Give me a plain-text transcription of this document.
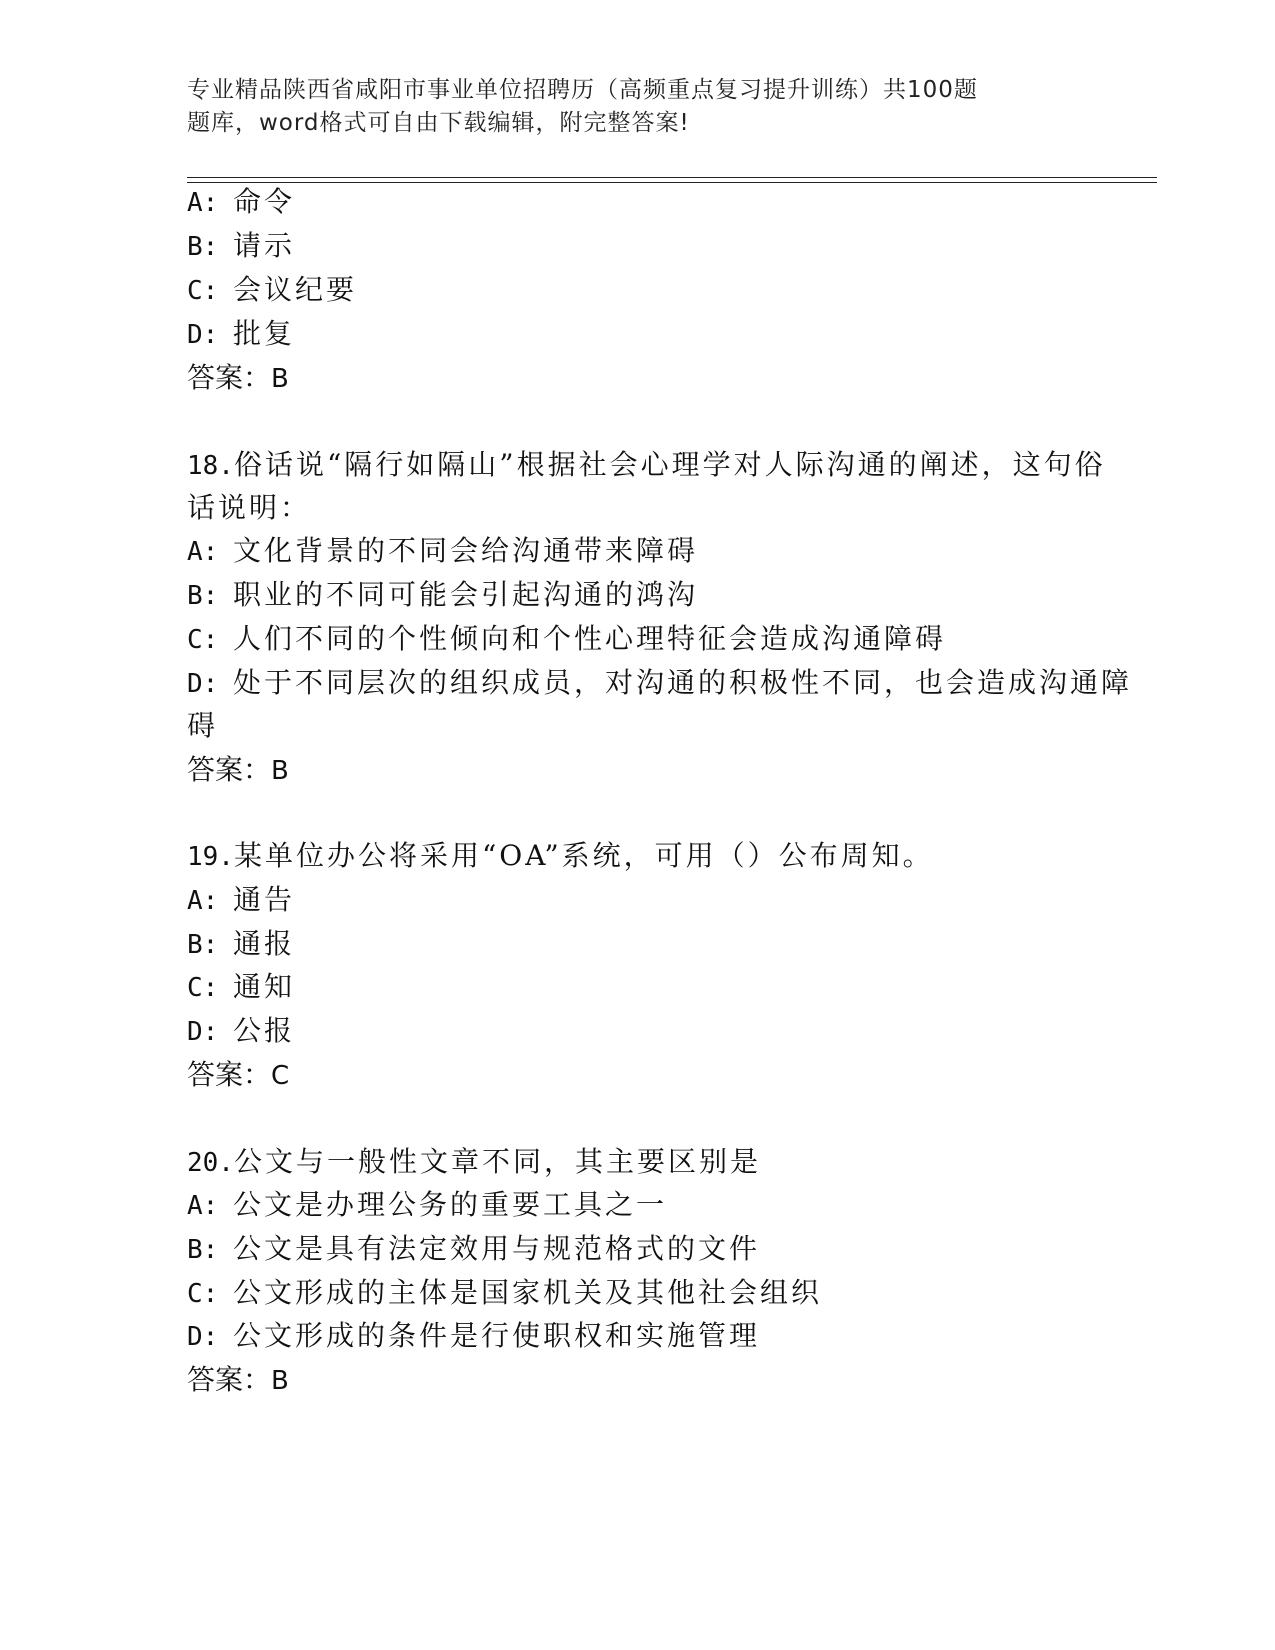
专业精品陕西省咸阳市事业单位招聘历（高频重点复习提升训练）共100题
题库，word格式可自由下载编辑，附完整答案!
A: 命令
B: 请示
C: 会议纪要
D: 批复
答案：B
18.俗话说“隔行如隔山”根据社会心理学对人际沟通的阐述，这句俗
话说明：
A: 文化背景的不同会给沟通带来障碍
B: 职业的不同可能会引起沟通的鸿沟
C: 人们不同的个性倾向和个性心理特征会造成沟通障碍
D: 处于不同层次的组织成员，对沟通的积极性不同，也会造成沟通障
碍
答案：B
19.某单位办公将采用“OA”系统，可用（）公布周知。
A: 通告
B: 通报
C: 通知
D: 公报
答案：C
20.公文与一般性文章不同，其主要区别是
A: 公文是办理公务的重要工具之一
B: 公文是具有法定效用与规范格式的文件
C: 公文形成的主体是国家机关及其他社会组织
D: 公文形成的条件是行使职权和实施管理
答案：B
